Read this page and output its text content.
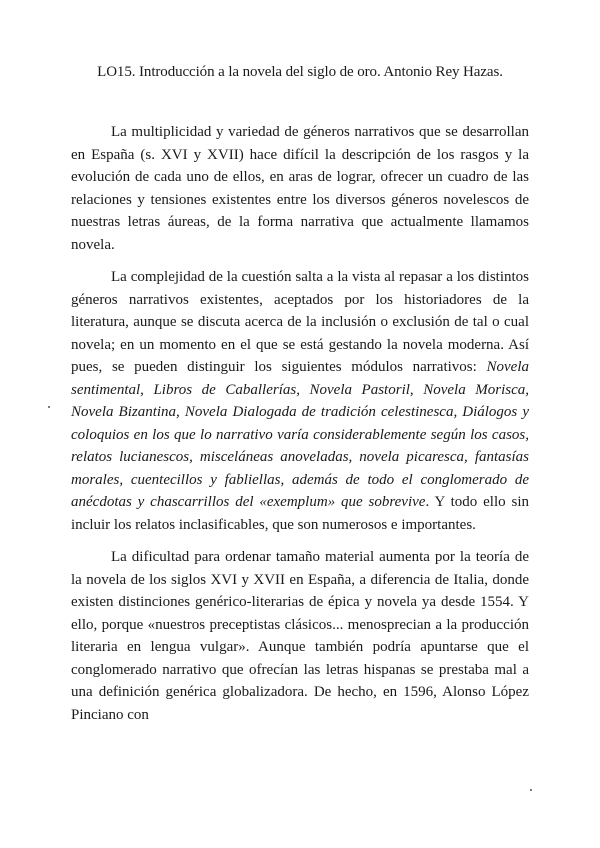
LO15. Introducción a la novela del siglo de oro. Antonio Rey Hazas.

La multiplicidad y variedad de géneros narrativos que se desarrollan en España (s. XVI y XVII) hace difícil la descripción de los rasgos y la evolución de cada uno de ellos, en aras de lograr, ofrecer un cuadro de las relaciones y tensiones existentes entre los diversos géneros novelescos de nuestras letras áureas, de la forma narrativa que actualmente llamamos novela.

La complejidad de la cuestión salta a la vista al repasar a los distintos géneros narrativos existentes, aceptados por los historiadores de la literatura, aunque se discuta acerca de la inclusión o exclusión de tal o cual novela; en un momento en el que se está gestando la novela moderna. Así pues, se pueden distinguir los siguientes módulos narrativos: Novela sentimental, Libros de Caballerías, Novela Pastoril, Novela Morisca, Novela Bizantina, Novela Dialogada de tradición celestinesca, Diálogos y coloquios en los que lo narrativo varía considerablemente según los casos, relatos lucianescos, misceláneas anoveladas, novela picaresca, fantasías morales, cuentecillos y fabliellas, además de todo el conglomerado de anécdotas y chascarrillos del «exemplum» que sobrevive. Y todo ello sin incluir los relatos inclasificables, que son numerosos e importantes.

La dificultad para ordenar tamaño material aumenta por la teoría de la novela de los siglos XVI y XVII en España, a diferencia de Italia, donde existen distinciones genérico-literarias de épica y novela ya desde 1554. Y ello, porque «nuestros preceptistas clásicos... menosprecian a la producción literaria en lengua vulgar». Aunque también podría apuntarse que el conglomerado narrativo que ofrecían las letras hispanas se prestaba mal a una definición genérica globalizadora. De hecho, en 1596, Alonso López Pinciano con
